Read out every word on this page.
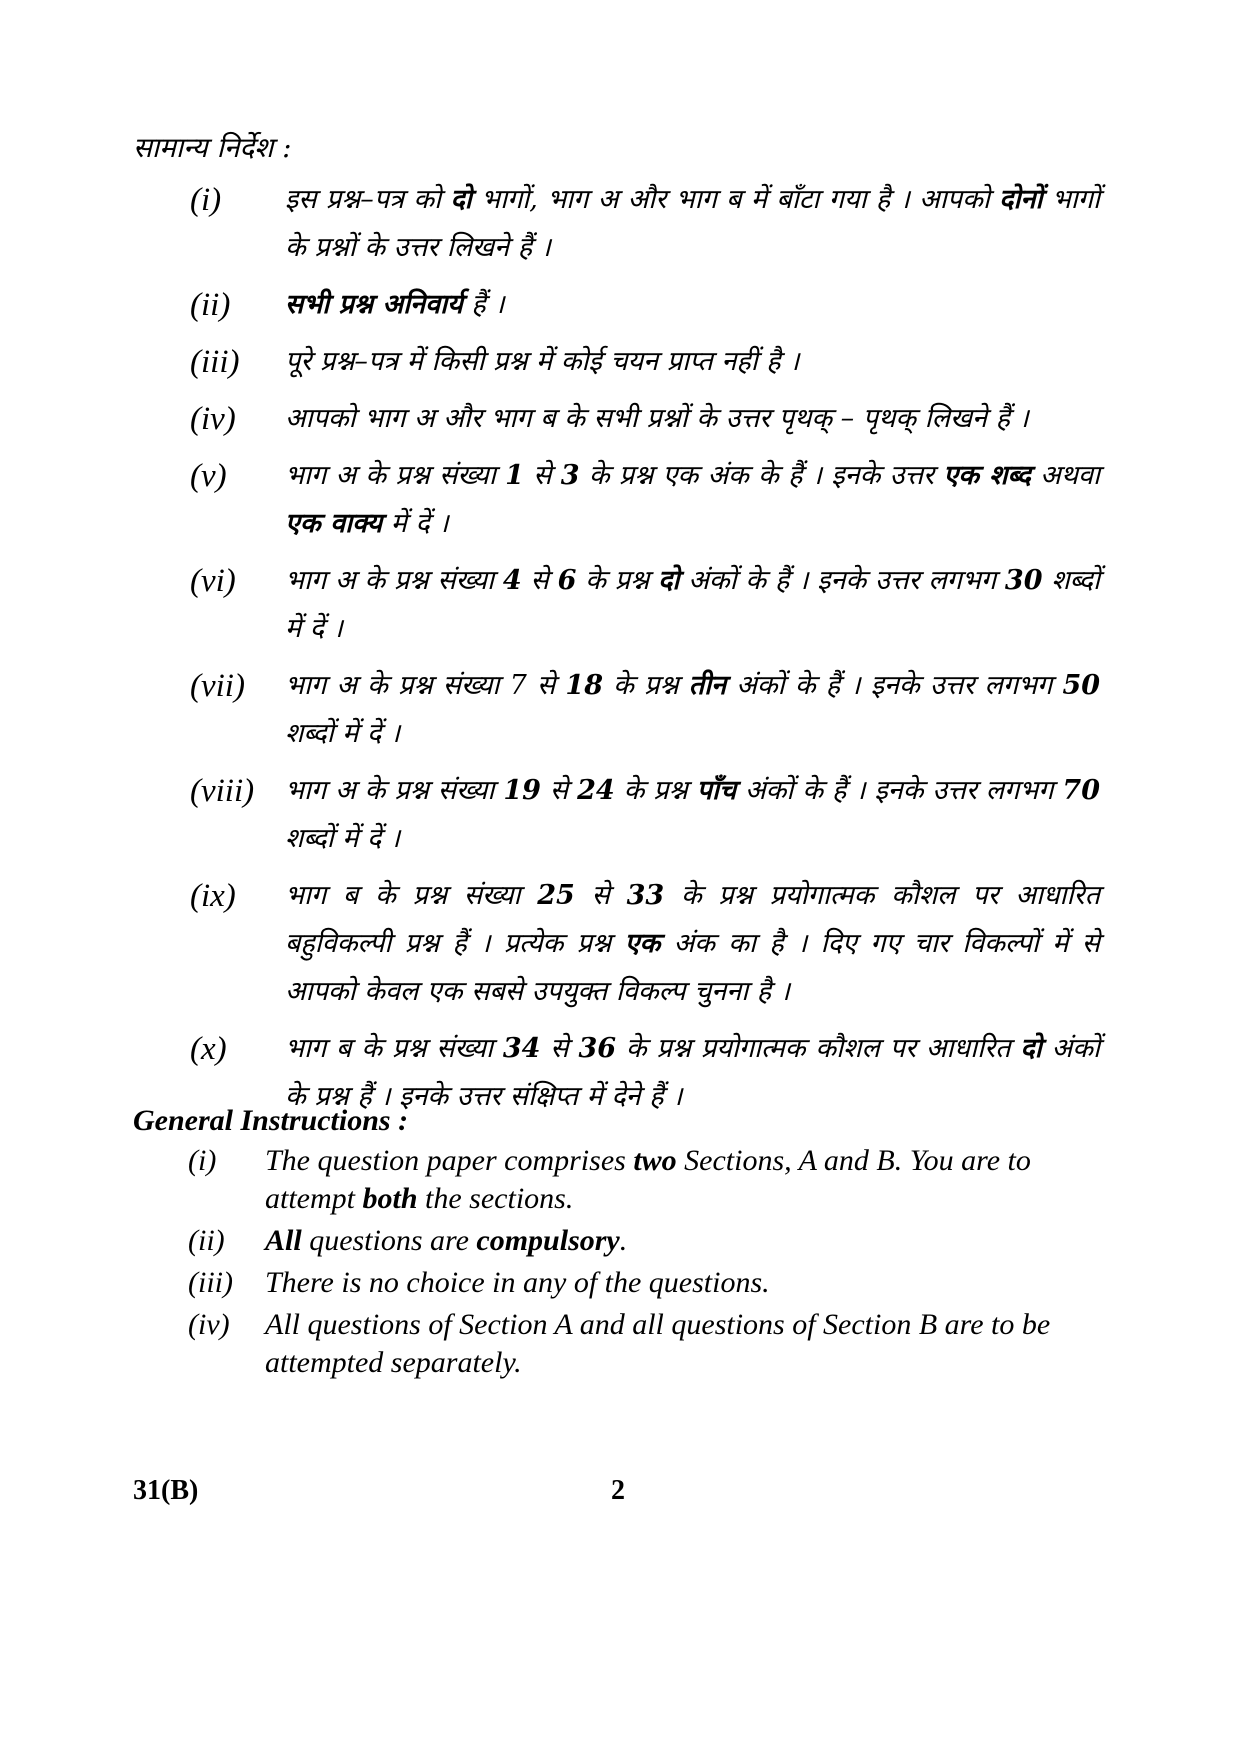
सामान्य निर्देश :
(i) इस प्रश्न–पत्र को दो भागों, भाग अ और भाग ब में बाँटा गया है । आपको दोनों भागों के प्रश्नों के उत्तर लिखने हैं ।
(ii) सभी प्रश्न अनिवार्य हैं ।
(iii) पूरे प्रश्न–पत्र में किसी प्रश्न में कोई चयन प्राप्त नहीं है ।
(iv) आपको भाग अ और भाग ब के सभी प्रश्नों के उत्तर पृथक् – पृथक् लिखने हैं ।
(v) भाग अ के प्रश्न संख्या 1 से 3 के प्रश्न एक अंक के हैं । इनके उत्तर एक शब्द अथवा एक वाक्य में दें ।
(vi) भाग अ के प्रश्न संख्या 4 से 6 के प्रश्न दो अंकों के हैं । इनके उत्तर लगभग 30 शब्दों में दें ।
(vii) भाग अ के प्रश्न संख्या 7 से 18 के प्रश्न तीन अंकों के हैं । इनके उत्तर लगभग 50 शब्दों में दें ।
(viii) भाग अ के प्रश्न संख्या 19 से 24 के प्रश्न पाँच अंकों के हैं । इनके उत्तर लगभग 70 शब्दों में दें ।
(ix) भाग ब के प्रश्न संख्या 25 से 33 के प्रश्न प्रयोगात्मक कौशल पर आधारित बहुविकल्पी प्रश्न हैं । प्रत्येक प्रश्न एक अंक का है । दिए गए चार विकल्पों में से आपको केवल एक सबसे उपयुक्त विकल्प चुनना है ।
(x) भाग ब के प्रश्न संख्या 34 से 36 के प्रश्न प्रयोगात्मक कौशल पर आधारित दो अंकों के प्रश्न हैं । इनके उत्तर संक्षिप्त में देने हैं ।
General Instructions :
(i) The question paper comprises two Sections, A and B. You are to attempt both the sections.
(ii) All questions are compulsory.
(iii) There is no choice in any of the questions.
(iv) All questions of Section A and all questions of Section B are to be attempted separately.
31(B)	2
